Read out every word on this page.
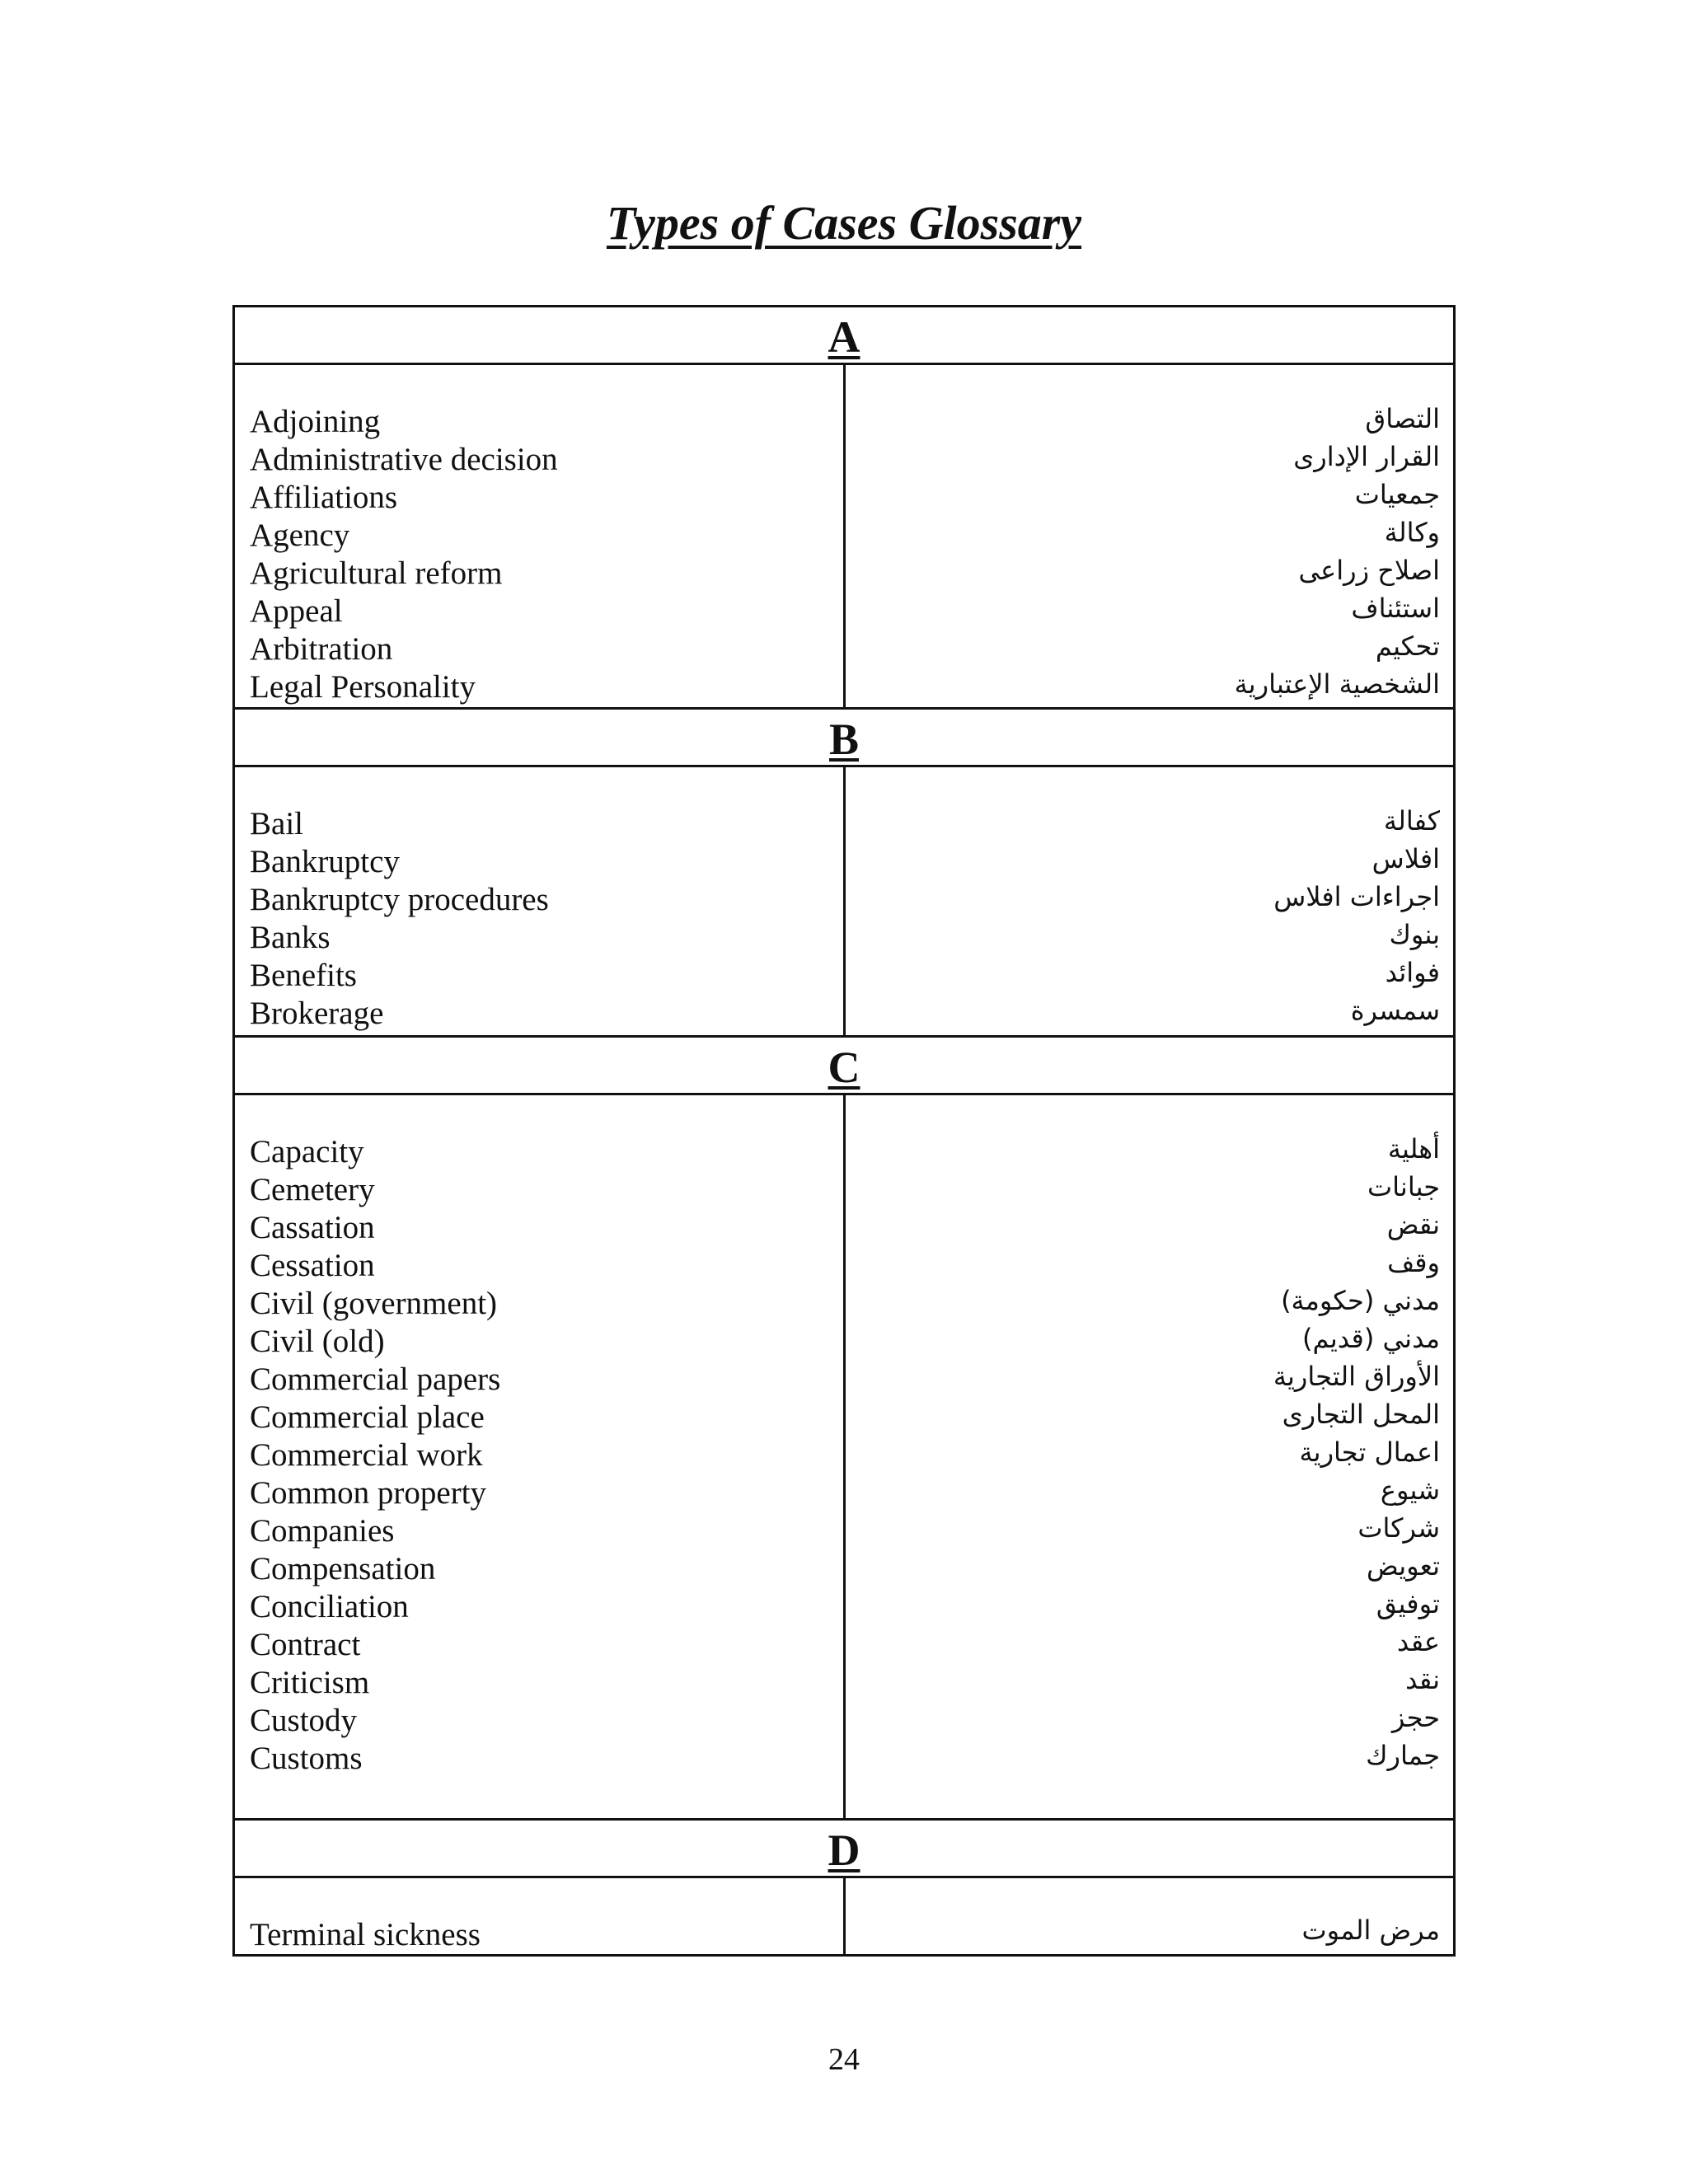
Types of Cases Glossary
A
Adjoining
Administrative decision
Affiliations
Agency
Agricultural reform
Appeal
Arbitration
Legal Personality
التصاق
القرار الإدارى
جمعيات
وكالة
اصلاح زراعى
استئناف
تحكيم
الشخصية الإعتبارية
B
Bail
Bankruptcy
Bankruptcy procedures
Banks
Benefits
Brokerage
كفالة
افلاس
اجراءات افلاس
بنوك
فوائد
سمسرة
C
Capacity
Cemetery
Cassation
Cessation
Civil (government)
Civil (old)
Commercial papers
Commercial place
Commercial work
Common property
Companies
Compensation
Conciliation
Contract
Criticism
Custody
Customs
أهلية
جبانات
نقض
وقف
مدني (حكومة)
مدني (قديم)
الأوراق التجارية
المحل التجارى
اعمال تجارية
شيوع
شركات
تعويض
توفيق
عقد
نقد
حجز
جمارك
D
Terminal sickness	مرض الموت
24
